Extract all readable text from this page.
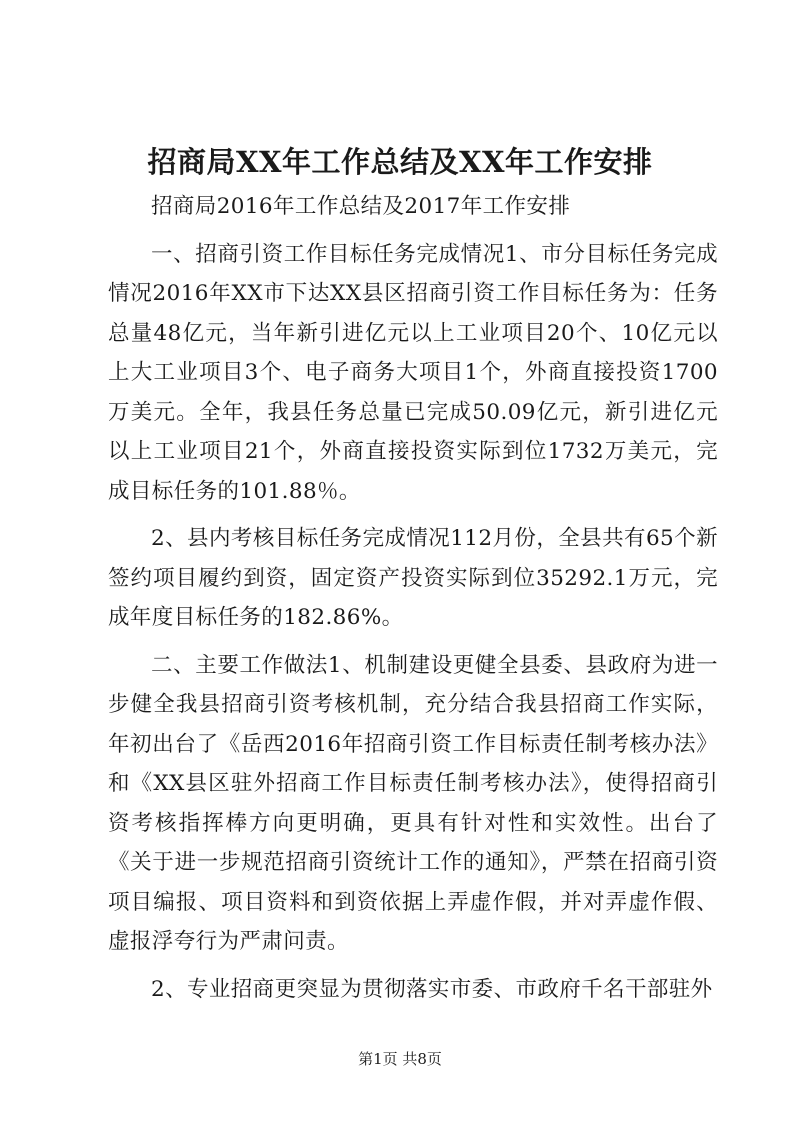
招商局XX年工作总结及XX年工作安排

招商局2016年工作总结及2017年工作安排

一、招商引资工作目标任务完成情况1、市分目标任务完成情况2016年XX市下达XX县区招商引资工作目标任务为：任务总量48亿元，当年新引进亿元以上工业项目20个、10亿元以上大工业项目3个、电子商务大项目1个，外商直接投资1700万美元。全年，我县任务总量已完成50.09亿元，新引进亿元以上工业项目21个，外商直接投资实际到位1732万美元，完成目标任务的101.88％。

2、县内考核目标任务完成情况112月份，全县共有65个新签约项目履约到资，固定资产投资实际到位35292.1万元，完成年度目标任务的182.86%。

二、主要工作做法1、机制建设更健全县委、县政府为进一步健全我县招商引资考核机制，充分结合我县招商工作实际，年初出台了《岳西2016年招商引资工作目标责任制考核办法》和《XX县区驻外招商工作目标责任制考核办法》，使得招商引资考核指挥棒方向更明确，更具有针对性和实效性。出台了《关于进一步规范招商引资统计工作的通知》，严禁在招商引资项目编报、项目资料和到资依据上弄虚作假，并对弄虚作假、虚报浮夸行为严肃问责。

2、专业招商更突显为贯彻落实市委、市政府千名干部驻外

第1页 共8页
